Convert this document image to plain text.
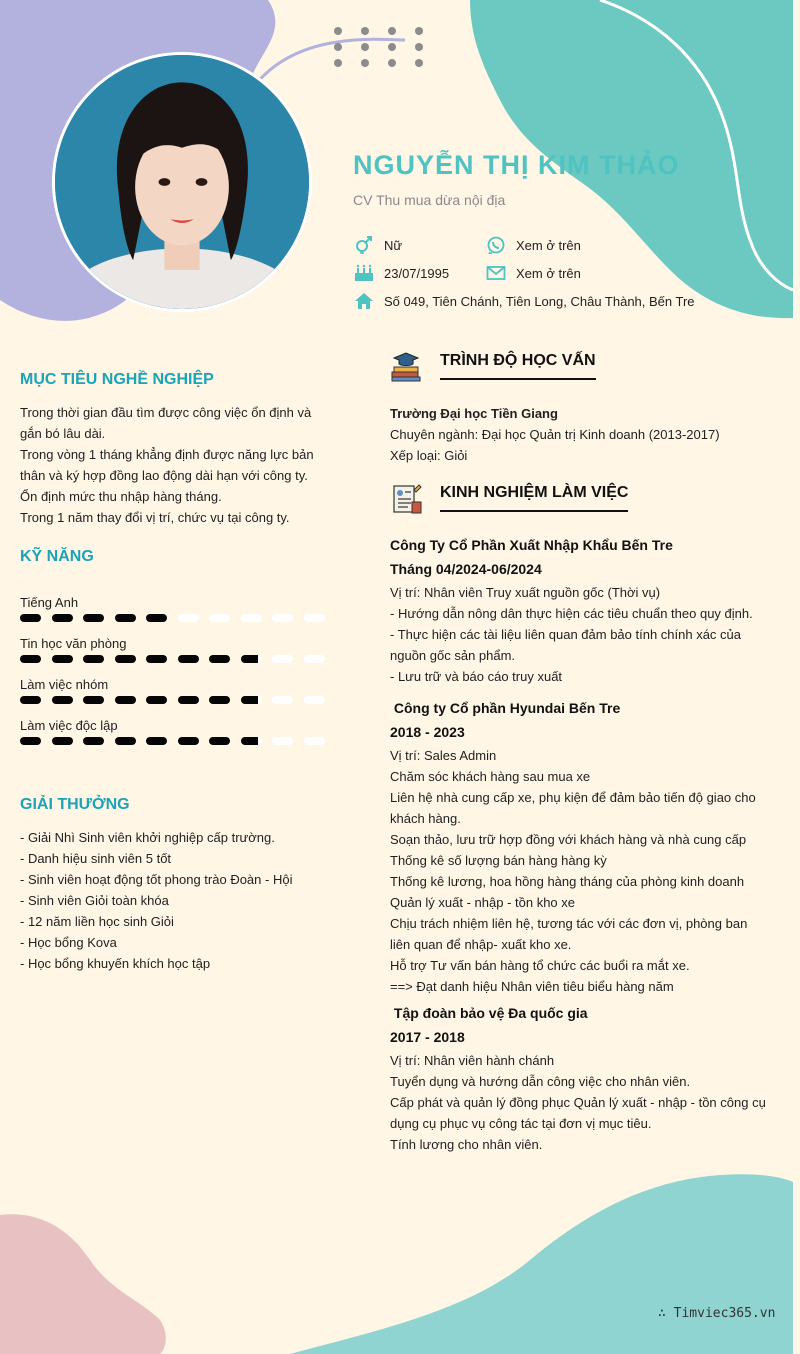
NGUYỄN THỊ KIM THẢO
CV Thu mua dừa nội địa
Nữ
23/07/1995
Số 049, Tiên Chánh, Tiên Long, Châu Thành, Bến Tre
Xem ở trên
Xem ở trên
MỤC TIÊU NGHỀ NGHIỆP
Trong thời gian đầu tìm được công việc ổn định và gắn bó lâu dài.
Trong vòng 1 tháng khẳng định được năng lực bản thân và ký hợp đồng lao động dài hạn với công ty.
Ổn định mức thu nhập hàng tháng.
Trong 1 năm thay đổi vị trí, chức vụ tại công ty.
KỸ NĂNG
Tiếng Anh
Tin học văn phòng
Làm việc nhóm
Làm việc độc lập
GIẢI THƯỞNG
- Giải Nhì Sinh viên khởi nghiệp cấp trường.
- Danh hiệu sinh viên 5 tốt
- Sinh viên hoạt động tốt phong trào Đoàn - Hội
- Sinh viên Giỏi toàn khóa
- 12 năm liền học sinh Giỏi
- Học bổng Kova
- Học bổng khuyến khích học tập
TRÌNH ĐỘ HỌC VẤN
Trường Đại học Tiền Giang
Chuyên ngành: Đại học Quản trị Kinh doanh (2013-2017)
Xếp loại: Giỏi
KINH NGHIỆM LÀM VIỆC
Công Ty Cổ Phần Xuất Nhập Khẩu Bến Tre
Tháng 04/2024-06/2024
Vị trí: Nhân viên Truy xuất nguồn gốc (Thời vụ)
- Hướng dẫn nông dân thực hiện các tiêu chuẩn theo quy định.
- Thực hiện các tài liệu liên quan đảm bảo tính chính xác của nguồn gốc sản phẩm.
- Lưu trữ và báo cáo truy xuất
Công ty Cổ phần Hyundai Bến Tre
2018 - 2023
Vị trí: Sales Admin
Chăm sóc khách hàng sau mua xe
Liên hệ nhà cung cấp xe, phụ kiện để đảm bảo tiến độ giao cho khách hàng.
Soạn thảo, lưu trữ hợp đồng với khách hàng và nhà cung cấp
Thống kê số lượng bán hàng hàng kỳ
Thống kê lương, hoa hồng hàng tháng của phòng kinh doanh
Quản lý xuất - nhập - tồn kho xe
Chịu trách nhiệm liên hệ, tương tác với các đơn vị, phòng ban liên quan để nhập- xuất kho xe.
Hỗ trợ Tư vấn bán hàng tổ chức các buổi ra mắt xe.
==> Đạt danh hiệu Nhân viên tiêu biểu hàng năm
Tập đoàn bảo vệ Đa quốc gia
2017 - 2018
Vị trí: Nhân viên hành chánh
Tuyển dụng và hướng dẫn công việc cho nhân viên.
Cấp phát và quản lý đồng phục Quản lý xuất - nhập - tồn công cụ dụng cụ phục vụ công tác tại đơn vị mục tiêu.
Tính lương cho nhân viên.
∴ Timviec365.vn
